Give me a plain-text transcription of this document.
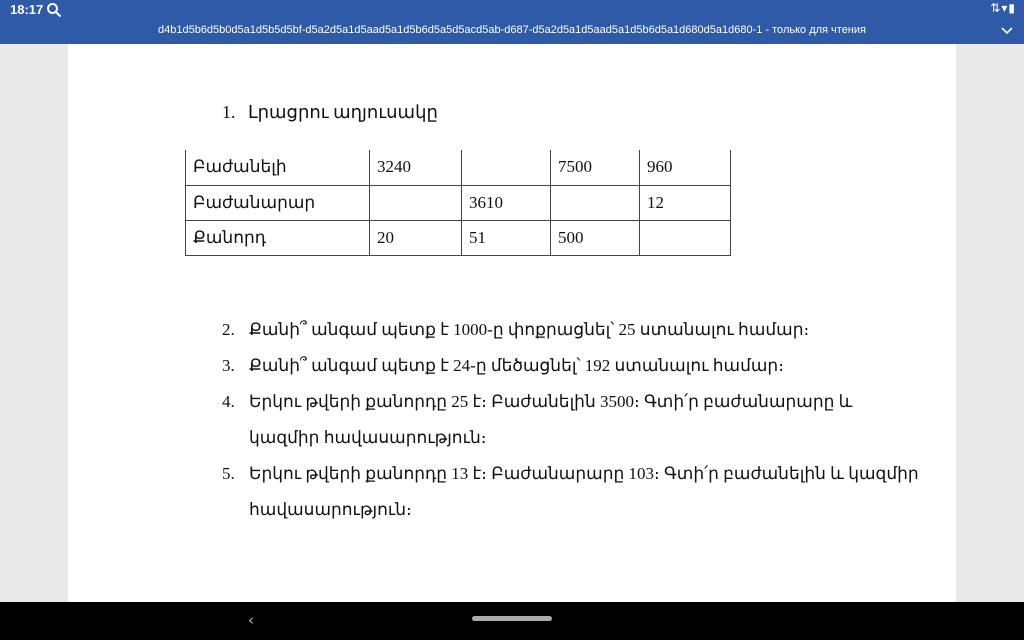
18:17	⇅▾▮
d4b1d5b6d5b0d5a1d5b5d5bf-d5a2d5a1d5aad5a1d5b6d5a5d5acd5ab-d687-d5a2d5a1d5aad5a1d5b6d5a1d680d5a1d680-1 - только для чтения
1. Լրացրու աղյուսակը
Բաժանելի	3240		7500	960
Բաժանարար		3610		12
Քանորդ	20	51	500	
2. Քանի՞ անգամ պետք է 1000-ը փոքրացնել՝ 25 ստանալու համար։
3. Քանի՞ անգամ պետք է 24-ը մեծացնել՝ 192 ստանալու համար։
4. Երկու թվերի քանորդը 25 է։ Բաժանելին 3500։ Գտի՛ր բաժանարարը և
կազմիր հավասարություն։
5. Երկու թվերի քանորդը 13 է։ Բաժանարարը 103։ Գտի՛ր բաժանելին և կազմիր
հավասարություն։
‹
